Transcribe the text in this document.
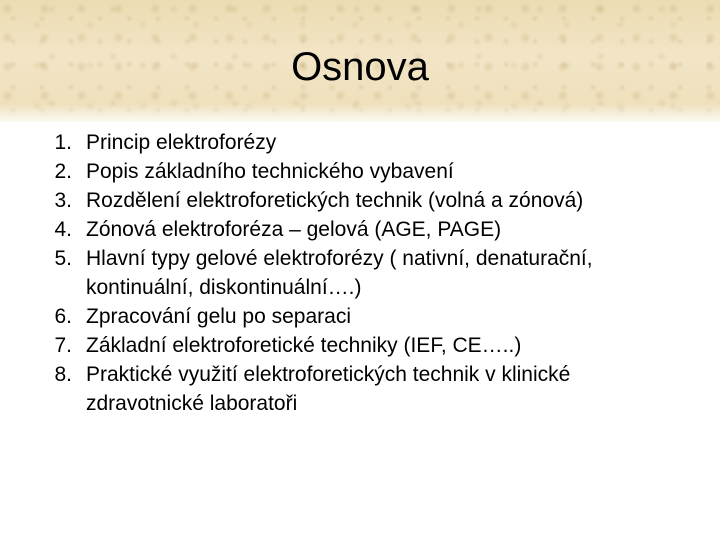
Osnova
1. Princip elektroforézy
2. Popis základního technického vybavení
3. Rozdělení elektroforetických technik (volná a zónová)
4. Zónová elektroforéza – gelová (AGE, PAGE)
5. Hlavní typy gelové elektroforézy ( nativní, denaturační, kontinuální, diskontinuální….)
6. Zpracování gelu po separaci
7. Základní elektroforetické techniky (IEF, CE…..)
8. Praktické využití elektroforetických technik v klinické zdravotnické laboratoři
